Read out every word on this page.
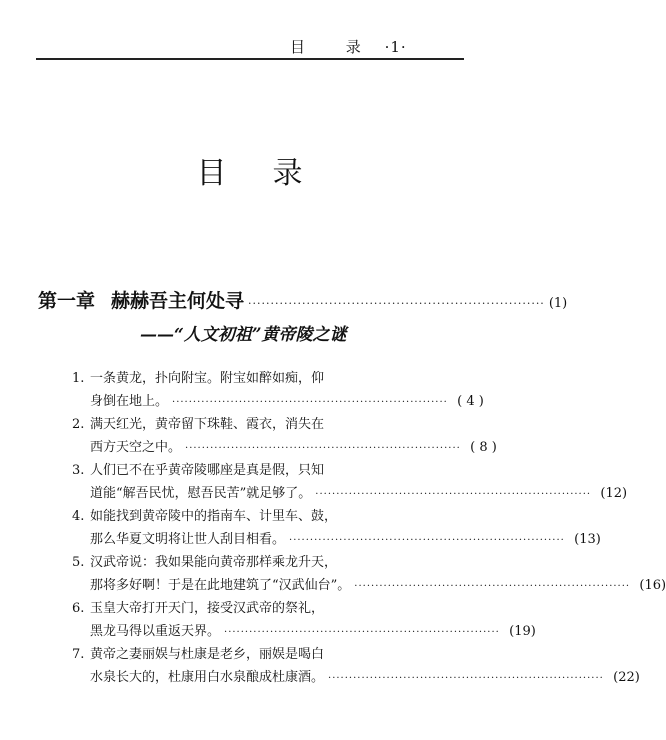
目 录 ·1·
目录
第一章 赫赫吾主何处寻 ·································································· (1)
——“人文初祖”黄帝陵之谜
1. 一条黄龙，扑向附宝。附宝如醉如痴，仰
身倒在地上。 ·································································· ( 4 )
2. 满天红光，黄帝留下珠鞋、霞衣，消失在
西方天空之中。 ·································································· ( 8 )
3. 人们已不在乎黄帝陵哪座是真是假，只知
道能“解吾民忧，慰吾民苦”就足够了。 ·································································· (12)
4. 如能找到黄帝陵中的指南车、计里车、鼓，
那么华夏文明将让世人刮目相看。 ·································································· (13)
5. 汉武帝说：我如果能向黄帝那样乘龙升天，
那将多好啊！于是在此地建筑了“汉武仙台”。 ·································································· (16)
6. 玉皇大帝打开天门，接受汉武帝的祭礼，
黑龙马得以重返天界。 ·································································· (19)
7. 黄帝之妻丽娱与杜康是老乡，丽娱是喝白
水泉长大的，杜康用白水泉酿成杜康酒。 ·································································· (22)
